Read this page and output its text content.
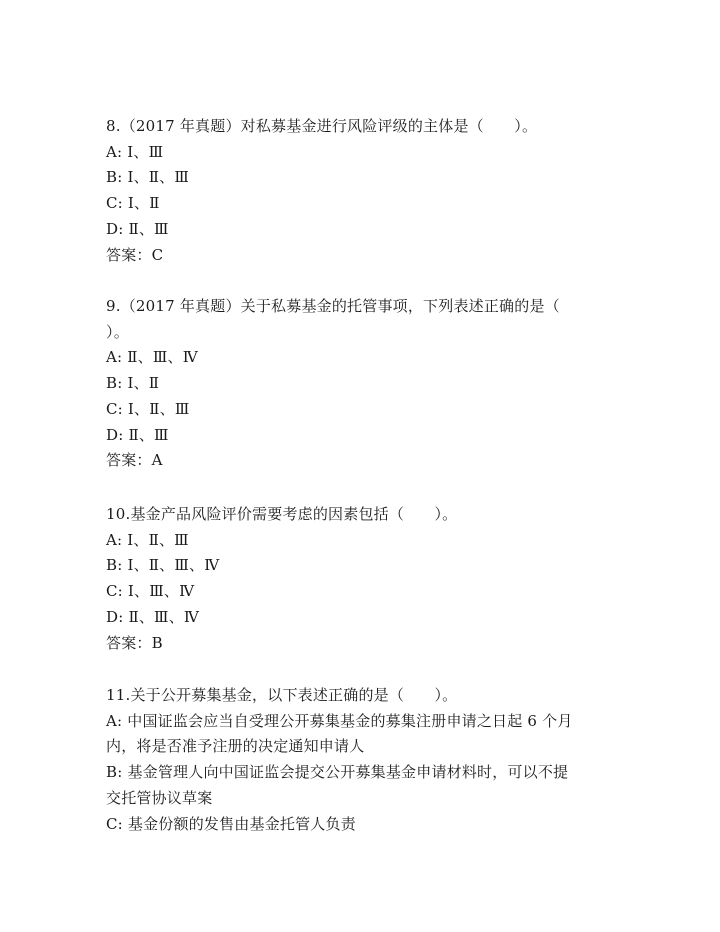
8.（2017 年真题）对私募基金进行风险评级的主体是（　　）。
A: Ⅰ、Ⅲ
B: Ⅰ、Ⅱ、Ⅲ
C: Ⅰ、Ⅱ
D: Ⅱ、Ⅲ
答案：C
9.（2017 年真题）关于私募基金的托管事项，下列表述正确的是（
）。
A: Ⅱ、Ⅲ、Ⅳ
B: Ⅰ、Ⅱ
C: Ⅰ、Ⅱ、Ⅲ
D: Ⅱ、Ⅲ
答案：A
10.基金产品风险评价需要考虑的因素包括（　　）。
A: Ⅰ、Ⅱ、Ⅲ
B: Ⅰ、Ⅱ、Ⅲ、Ⅳ
C: Ⅰ、Ⅲ、Ⅳ
D: Ⅱ、Ⅲ、Ⅳ
答案：B
11.关于公开募集基金，以下表述正确的是（　　）。
A: 中国证监会应当自受理公开募集基金的募集注册申请之日起 6 个月
内，将是否准予注册的决定通知申请人
B: 基金管理人向中国证监会提交公开募集基金申请材料时，可以不提
交托管协议草案
C: 基金份额的发售由基金托管人负责
